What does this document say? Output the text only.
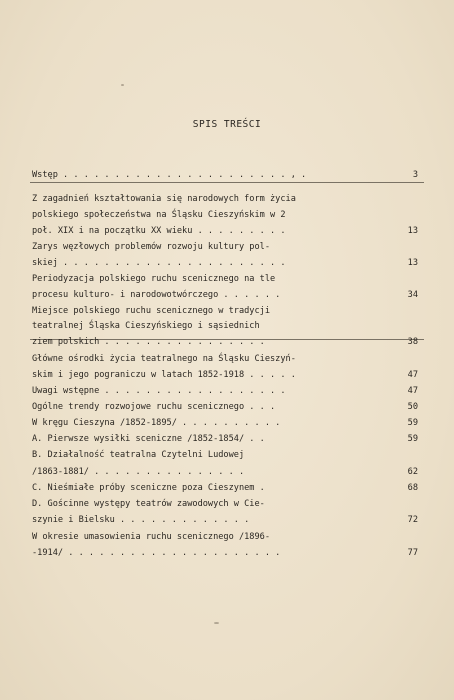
SPIS TREŚCI
Wstęp . . . . . . . . . . . . . . . . . . . . . . , .	3
Z zagadnień kształtowania się narodowych form życia
polskiego społeczeństwa na Śląsku Cieszyńskim w 2
poł. XIX i na początku XX wieku . . . . . . . . .	13
Zarys węzłowych problemów rozwoju kultury pol-
skiej . . . . . . . . . . . . . . . . . . . . . .	13
Periodyzacja polskiego ruchu scenicznego na tle
procesu kulturo- i narodowotwórczego . . . . . .	34
Miejsce polskiego ruchu scenicznego w tradycji
teatralnej Śląska Cieszyńskiego i sąsiednich
ziem polskich . . . . . . . . . . . . . . . .	38
Główne ośrodki życia teatralnego na Śląsku Cieszyń-
skim i jego pograniczu w latach 1852-1918 . . . . .	47
Uwagi wstępne . . . . . . . . . . . . . . . . . .	47
Ogólne trendy rozwojowe ruchu scenicznego . . .	50
W kręgu Cieszyna /1852-1895/ . . . . . . . . . .	59
A. Pierwsze wysiłki sceniczne /1852-1854/ . .	59
B. Działalność teatralna Czytelni Ludowej
/1863-1881/ . . . . . . . . . . . . . . .	62
C. Nieśmiałe próby sceniczne poza Cieszynem .	68
D. Gościnne występy teatrów zawodowych w Cie-
szynie i Bielsku . . . . . . . . . . . . .	72
W okresie umasowienia ruchu scenicznego /1896-
-1914/ . . . . . . . . . . . . . . . . . . . . .	77
